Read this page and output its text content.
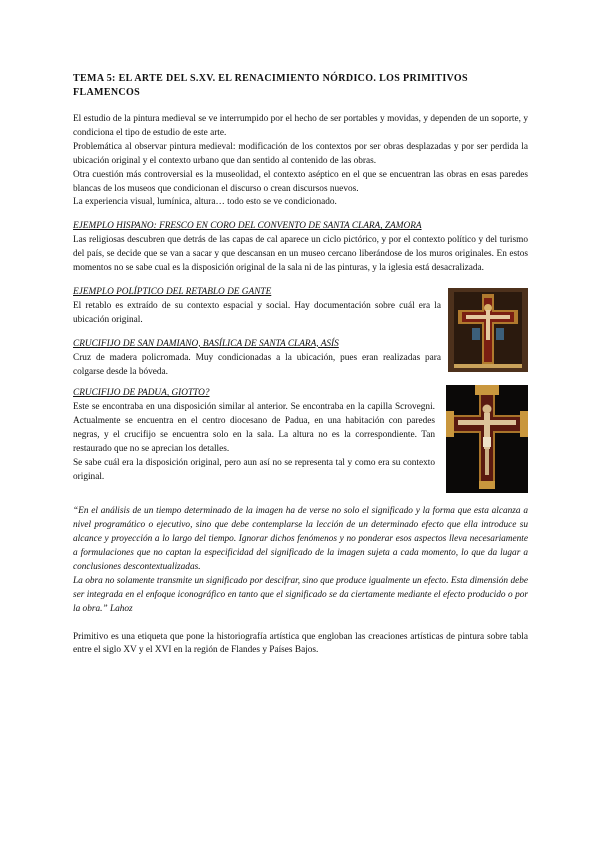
TEMA 5: EL ARTE DEL S.XV. EL RENACIMIENTO NÓRDICO. LOS PRIMITIVOS FLAMENCOS

El estudio de la pintura medieval se ve interrumpido por el hecho de ser portables y movidas, y dependen de un soporte, y condiciona el tipo de estudio de este arte.

Problemática al observar pintura medieval: modificación de los contextos por ser obras desplazadas y por ser perdida la ubicación original y el contexto urbano que dan sentido al contenido de las obras.

Otra cuestión más controversial es la museolidad, el contexto aséptico en el que se encuentran las obras en esas paredes blancas de los museos que condicionan el discurso o crean discursos nuevos.

La experiencia visual, lumínica, altura… todo esto se ve condicionado.

EJEMPLO HISPANO: FRESCO EN CORO DEL CONVENTO DE SANTA CLARA, ZAMORA

Las religiosas descubren que detrás de las capas de cal aparece un ciclo pictórico, y por el contexto político y del turismo del país, se decide que se van a sacar y que descansan en un museo cercano liberándose de los muros originales. En estos momentos no se sabe cual es la disposición original de la sala ni de las pinturas, y la iglesia está desacralizada.

EJEMPLO POLÍPTICO DEL RETABLO DE GANTE

El retablo es extraído de su contexto espacial y social. Hay documentación sobre cuál era la ubicación original.

CRUCIFIJO DE SAN DAMIANO, BASÍLICA DE SANTA CLARA, ASÍS

Cruz de madera policromada. Muy condicionadas a la ubicación, pues eran realizadas para colgarse desde la bóveda.

CRUCIFIJO DE PADUA, GIOTTO?

Este se encontraba en una disposición similar al anterior. Se encontraba en la capilla Scrovegni. Actualmente se encuentra en el centro diocesano de Padua, en una habitación con paredes negras, y el crucifijo se encuentra solo en la sala. La altura no es la correspondiente. Tan restaurado que no se aprecian los detalles.

Se sabe cuál era la disposición original, pero aun así no se representa tal y como era su contexto original.

“En el análisis de un tiempo determinado de la imagen ha de verse no solo el significado y la forma que esta alcanza a nivel programático o ejecutivo, sino que debe contemplarse la lección de un determinado efecto que ella introduce su alcance y proyección a lo largo del tiempo. Ignorar dichos fenómenos y no ponderar esos aspectos lleva necesariamente a formulaciones que no captan la especificidad del significado de la imagen sujeta a cada momento, lo que da lugar a conclusiones descontextualizadas.

La obra no solamente transmite un significado por descifrar, sino que produce igualmente un efecto. Esta dimensión debe ser integrada en el enfoque iconográfico en tanto que el significado se da ciertamente mediante el efecto producido o por la obra.” Lahoz

Primitivo es una etiqueta que pone la historiografía artística que engloban las creaciones artísticas de pintura sobre tabla entre el siglo XV y el XVI en la región de Flandes y Países Bajos.
